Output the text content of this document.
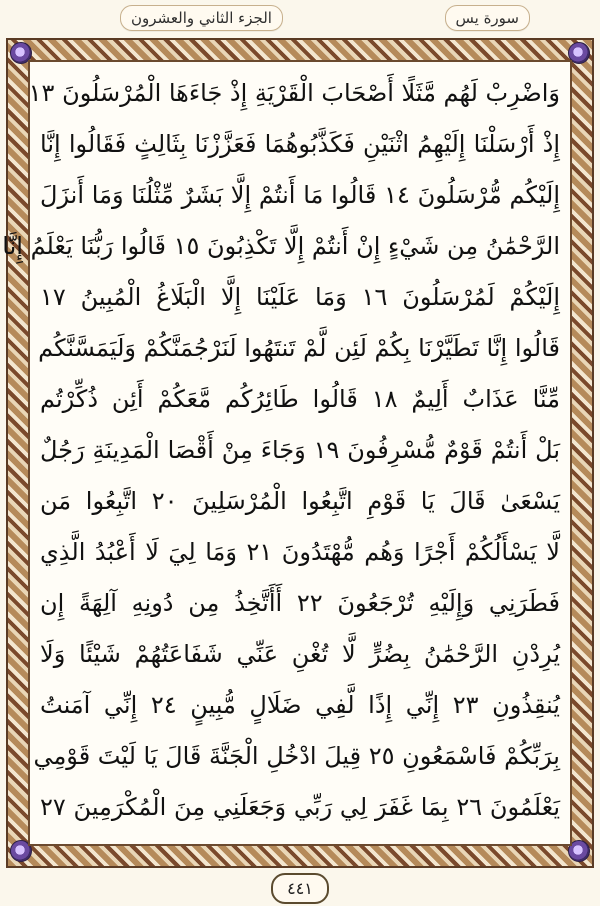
سورة يس
الجزء الثاني والعشرون
وَاضْرِبْ لَهُم مَّثَلًا أَصْحَابَ الْقَرْيَةِ إِذْ جَاءَهَا الْمُرْسَلُونَ ١٣
إِذْ أَرْسَلْنَا إِلَيْهِمُ اثْنَيْنِ فَكَذَّبُوهُمَا فَعَزَّزْنَا بِثَالِثٍ فَقَالُوا إِنَّا
إِلَيْكُم مُّرْسَلُونَ ١٤ قَالُوا مَا أَنتُمْ إِلَّا بَشَرٌ مِّثْلُنَا وَمَا أَنزَلَ
الرَّحْمَٰنُ مِن شَيْءٍ إِنْ أَنتُمْ إِلَّا تَكْذِبُونَ ١٥ قَالُوا رَبُّنَا يَعْلَمُ إِنَّا
إِلَيْكُمْ لَمُرْسَلُونَ ١٦ وَمَا عَلَيْنَا إِلَّا الْبَلَاغُ الْمُبِينُ ١٧
قَالُوا إِنَّا تَطَيَّرْنَا بِكُمْ لَئِن لَّمْ تَنتَهُوا لَنَرْجُمَنَّكُمْ وَلَيَمَسَّنَّكُم
مِّنَّا عَذَابٌ أَلِيمٌ ١٨ قَالُوا طَائِرُكُم مَّعَكُمْ أَئِن ذُكِّرْتُم
بَلْ أَنتُمْ قَوْمٌ مُّسْرِفُونَ ١٩ وَجَاءَ مِنْ أَقْصَا الْمَدِينَةِ رَجُلٌ
يَسْعَىٰ قَالَ يَا قَوْمِ اتَّبِعُوا الْمُرْسَلِينَ ٢٠ اتَّبِعُوا مَن
لَّا يَسْأَلُكُمْ أَجْرًا وَهُم مُّهْتَدُونَ ٢١ وَمَا لِيَ لَا أَعْبُدُ الَّذِي
فَطَرَنِي وَإِلَيْهِ تُرْجَعُونَ ٢٢ أَأَتَّخِذُ مِن دُونِهِ آلِهَةً إِن
يُرِدْنِ الرَّحْمَٰنُ بِضُرٍّ لَّا تُغْنِ عَنِّي شَفَاعَتُهُمْ شَيْئًا وَلَا
يُنقِذُونِ ٢٣ إِنِّي إِذًا لَّفِي ضَلَالٍ مُّبِينٍ ٢٤ إِنِّي آمَنتُ
بِرَبِّكُمْ فَاسْمَعُونِ ٢٥ قِيلَ ادْخُلِ الْجَنَّةَ قَالَ يَا لَيْتَ قَوْمِي
يَعْلَمُونَ ٢٦ بِمَا غَفَرَ لِي رَبِّي وَجَعَلَنِي مِنَ الْمُكْرَمِينَ ٢٧
٤٤١
